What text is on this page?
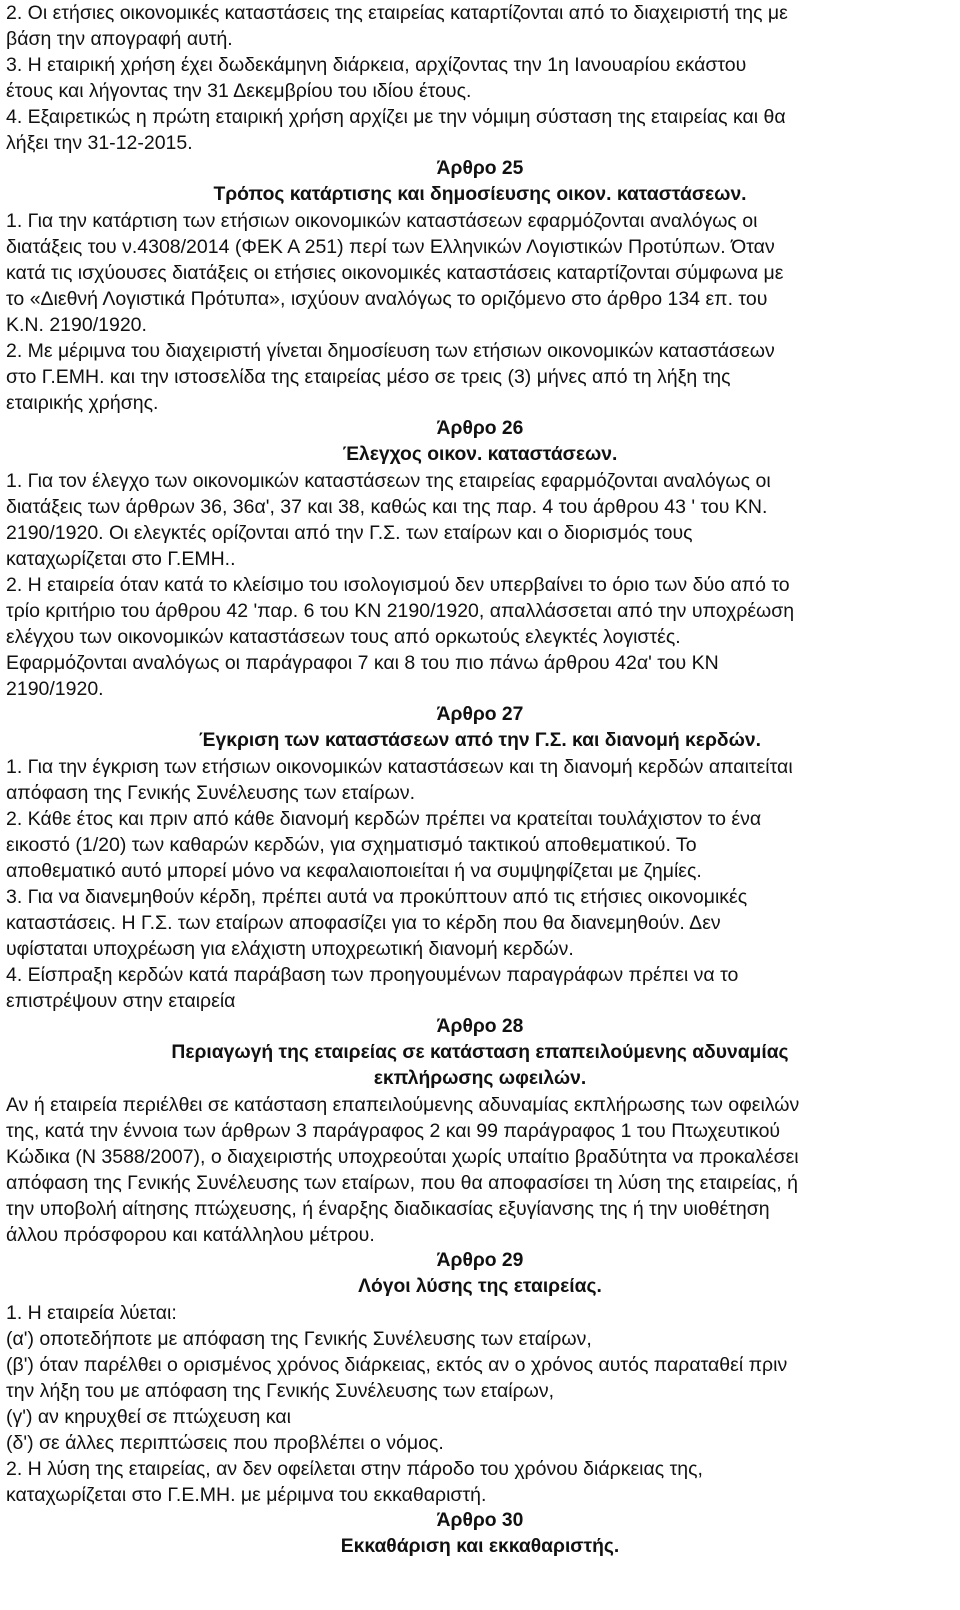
2. Οι ετήσιες οικονομικές καταστάσεις της εταιρείας καταρτίζονται από το διαχειριστή της με
βάση την απογραφή αυτή.
3. Η εταιρική χρήση έχει δωδεκάμηνη διάρκεια, αρχίζοντας την 1η Ιανουαρίου εκάστου
έτους και λήγοντας την 31 Δεκεμβρίου του ιδίου έτους.
4. Εξαιρετικώς η πρώτη εταιρική χρήση αρχίζει με την νόμιμη σύσταση της εταιρείας και θα
λήξει την 31-12-2015.
Άρθρο 25
Τρόπος κατάρτισης και δημοσίευσης οικον. καταστάσεων.
1. Για την κατάρτιση των ετήσιων οικονομικών καταστάσεων εφαρμόζονται αναλόγως οι
διατάξεις του ν.4308/2014 (ΦΕΚ Α 251) περί των Ελληνικών Λογιστικών Προτύπων. Όταν
κατά τις ισχύουσες διατάξεις οι ετήσιες οικονομικές καταστάσεις καταρτίζονται σύμφωνα με
το «Διεθνή Λογιστικά Πρότυπα», ισχύουν αναλόγως το οριζόμενο στο άρθρο 134 επ. του
Κ.Ν. 2190/1920.
2. Με μέριμνα του διαχειριστή γίνεται δημοσίευση των ετήσιων οικονομικών καταστάσεων
στο Γ.ΕΜΗ. και την ιστοσελίδα της εταιρείας μέσο σε τρεις (3) μήνες από τη λήξη της
εταιρικής χρήσης.
Άρθρο 26
Έλεγχος οικον. καταστάσεων.
1. Για τον έλεγχο των οικονομικών καταστάσεων της εταιρείας εφαρμόζονται αναλόγως οι
διατάξεις των άρθρων 36, 36α', 37 και 38, καθώς και της παρ. 4 του άρθρου 43 ' του ΚΝ.
2190/1920. Οι ελεγκτές ορίζονται από την Γ.Σ. των εταίρων και ο διορισμός τους
καταχωρίζεται στο Γ.ΕΜΗ..
2. Η εταιρεία όταν κατά το κλείσιμο του ισολογισμού δεν υπερβαίνει το όριο των δύο από το
τρίο κριτήριο του άρθρου 42 'παρ. 6 του ΚΝ 2190/1920, απαλλάσσεται από την υποχρέωση
ελέγχου των οικονομικών καταστάσεων τους από ορκωτούς ελεγκτές λογιστές.
Εφαρμόζονται αναλόγως οι παράγραφοι 7 και 8 του πιο πάνω άρθρου 42α' του ΚΝ
2190/1920.
Άρθρο 27
Έγκριση των καταστάσεων από την Γ.Σ. και διανομή κερδών.
1. Για την έγκριση των ετήσιων οικονομικών καταστάσεων και τη διανομή κερδών απαιτείται
απόφαση της Γενικής Συνέλευσης των εταίρων.
2. Κάθε έτος και πριν από κάθε διανομή κερδών πρέπει να κρατείται τουλάχιστον το ένα
εικοστό (1/20) των καθαρών κερδών, για σχηματισμό τακτικού αποθεματικού. Το
αποθεματικό αυτό μπορεί μόνο να κεφαλαιοποιείται ή να συμψηφίζεται με ζημίες.
3. Για να διανεμηθούν κέρδη, πρέπει αυτά να προκύπτουν από τις ετήσιες οικονομικές
καταστάσεις. Η Γ.Σ. των εταίρων αποφασίζει για το κέρδη που θα διανεμηθούν. Δεν
υφίσταται υποχρέωση για ελάχιστη υποχρεωτική διανομή κερδών.
4. Είσπραξη κερδών κατά παράβαση των προηγουμένων παραγράφων πρέπει να το
επιστρέψουν στην εταιρεία
Άρθρο 28
Περιαγωγή της εταιρείας σε κατάσταση επαπειλούμενης αδυναμίας
εκπλήρωσης ωφειλών.
Αν ή εταιρεία περιέλθει σε κατάσταση επαπειλούμενης αδυναμίας εκπλήρωσης των οφειλών
της, κατά την έννοια των άρθρων 3 παράγραφος 2 και 99 παράγραφος 1 του Πτωχευτικού
Κώδικα (Ν 3588/2007), ο διαχειριστής υποχρεούται χωρίς υπαίτιο βραδύτητα να προκαλέσει
απόφαση της Γενικής Συνέλευσης των εταίρων, που θα αποφασίσει τη λύση της εταιρείας, ή
την υποβολή αίτησης πτώχευσης, ή έναρξης διαδικασίας εξυγίανσης της ή την υιοθέτηση
άλλου πρόσφορου και κατάλληλου μέτρου.
Άρθρο 29
Λόγοι λύσης της εταιρείας.
1. Η εταιρεία λύεται:
(α') οποτεδήποτε με απόφαση της Γενικής Συνέλευσης των εταίρων,
(β') όταν παρέλθει ο ορισμένος χρόνος διάρκειας, εκτός αν ο χρόνος αυτός παραταθεί πριν
την λήξη του με απόφαση της Γενικής Συνέλευσης των εταίρων,
(γ') αν κηρυχθεί σε πτώχευση και
(δ') σε άλλες περιπτώσεις που προβλέπει ο νόμος.
2. Η λύση της εταιρείας, αν δεν οφείλεται στην πάροδο του χρόνου διάρκειας της,
καταχωρίζεται στο Γ.Ε.ΜΗ. με μέριμνα του εκκαθαριστή.
Άρθρο 30
Εκκαθάριση και εκκαθαριστής.
